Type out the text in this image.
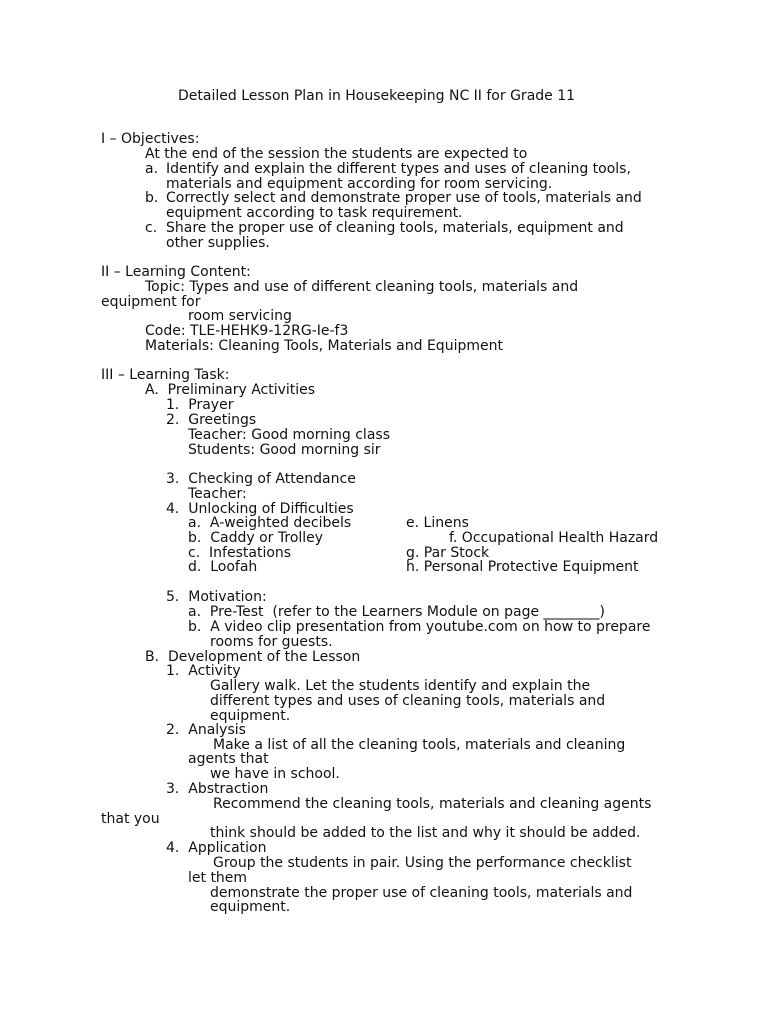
Detailed Lesson Plan in Housekeeping NC II for Grade 11
I – Objectives:
At the end of the session the students are expected to
a. Identify and explain the different types and uses of cleaning tools,
materials and equipment according for room servicing.
b. Correctly select and demonstrate proper use of tools, materials and
equipment according to task requirement.
c. Share the proper use of cleaning tools, materials, equipment and
other supplies.
II – Learning Content:
Topic: Types and use of different cleaning tools, materials and
equipment for
room servicing
Code: TLE-HEHK9-12RG-Ie-f3
Materials: Cleaning Tools, Materials and Equipment
III – Learning Task:
A.  Preliminary Activities
1.  Prayer
2.  Greetings
Teacher: Good morning class
Students: Good morning sir
3.  Checking of Attendance
Teacher:
4.  Unlocking of Difficulties
a.  A-weighted decibels
b.  Caddy or Trolley
c.  Infestations
d.  Loofah
e. Linens
f. Occupational Health Hazard
g. Par Stock
h. Personal Protective Equipment
5.  Motivation:
a.  Pre-Test  (refer to the Learners Module on page ________)
b.  A video clip presentation from youtube.com on how to prepare
rooms for guests.
B.  Development of the Lesson
1.  Activity
Gallery walk. Let the students identify and explain the
different types and uses of cleaning tools, materials and
equipment.
2.  Analysis
Make a list of all the cleaning tools, materials and cleaning
agents that
we have in school.
3.  Abstraction
Recommend the cleaning tools, materials and cleaning agents
that you
think should be added to the list and why it should be added.
4.  Application
Group the students in pair. Using the performance checklist
let them
demonstrate the proper use of cleaning tools, materials and
equipment.
